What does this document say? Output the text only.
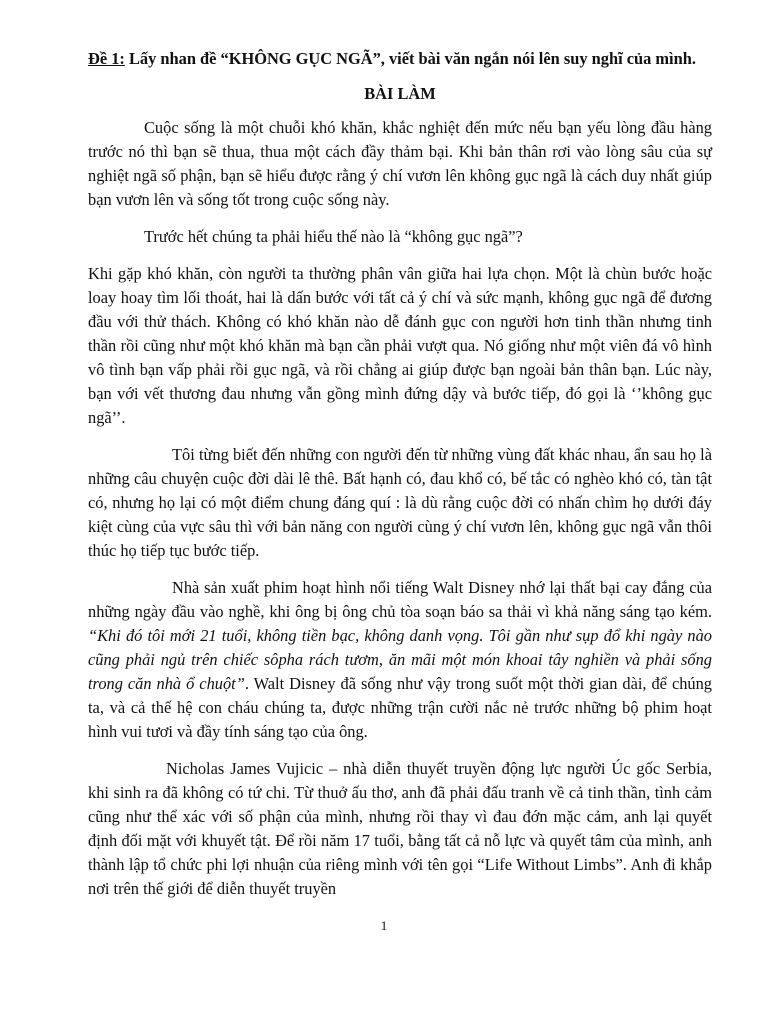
Đề 1: Lấy nhan đề “KHÔNG GỤC NGÃ”, viết bài văn ngắn nói lên suy nghĩ của mình.
BÀI LÀM

Cuộc sống là một chuỗi khó khăn, khắc nghiệt đến mức nếu bạn yếu lòng đầu hàng trước nó thì bạn sẽ thua, thua một cách đầy thảm bại. Khi bản thân rơi vào lòng sâu của sự nghiệt ngã số phận, bạn sẽ hiểu được rằng ý chí vươn lên không gục ngã là cách duy nhất giúp bạn vươn lên và sống tốt trong cuộc sống này.

Trước hết chúng ta phải hiểu thế nào là “không gục ngã”?

Khi gặp khó khăn, còn người ta thường phân vân giữa hai lựa chọn. Một là chùn bước hoặc loay hoay tìm lối thoát, hai là dấn bước với tất cả ý chí và sức mạnh, không gục ngã để đương đầu với thử thách. Không có khó khăn nào dễ đánh gục con người hơn tinh thần nhưng tinh thần rồi cũng như một khó khăn mà bạn cần phải vượt qua. Nó giống như một viên đá vô hình vô tình bạn vấp phải rồi gục ngã, và rồi chẳng ai giúp được bạn ngoài bản thân bạn. Lúc này, bạn với vết thương đau nhưng vẫn gồng mình đứng dậy và bước tiếp, đó gọi là ‘’không gục ngã’’.

Tôi từng biết đến những con người đến từ những vùng đất khác nhau, ẩn sau họ là những câu chuyện cuộc đời dài lê thê. Bất hạnh có, đau khổ có, bế tắc có nghèo khó có, tàn tật có, nhưng họ lại có một điểm chung đáng quí : là dù rằng cuộc đời có nhấn chìm họ dưới đáy kiệt cùng của vực sâu thì với bản năng con người cùng ý chí vươn lên, không gục ngã vẫn thôi thúc họ tiếp tục bước tiếp.

Nhà sản xuất phim hoạt hình nổi tiếng Walt Disney nhớ lại thất bại cay đắng của những ngày đầu vào nghề, khi ông bị ông chủ tòa soạn báo sa thải vì khả năng sáng tạo kém. “Khi đó tôi mới 21 tuổi, không tiền bạc, không danh vọng. Tôi gần như sụp đổ khi ngày nào cũng phải ngủ trên chiếc sôpha rách tươm, ăn mãi một món khoai tây nghiền và phải sống trong căn nhà ổ chuột”. Walt Disney đã sống như vậy trong suốt một thời gian dài, để chúng ta, và cả thế hệ con cháu chúng ta, được những trận cười nắc nẻ trước những bộ phim hoạt hình vui tươi và đầy tính sáng tạo của ông.

Nicholas James Vujicic – nhà diễn thuyết truyền động lực người Úc gốc Serbia, khi sinh ra đã không có tứ chi. Từ thuở ấu thơ, anh đã phải đấu tranh về cả tinh thần, tình cảm cũng như thể xác với số phận của mình, nhưng rồi thay vì đau đớn mặc cảm, anh lại quyết định đối mặt với khuyết tật. Để rồi năm 17 tuổi, bằng tất cả nỗ lực và quyết tâm của mình, anh thành lập tổ chức phi lợi nhuận của riêng mình với tên gọi “Life Without Limbs”. Anh đi khắp nơi trên thế giới để diễn thuyết truyền

1
